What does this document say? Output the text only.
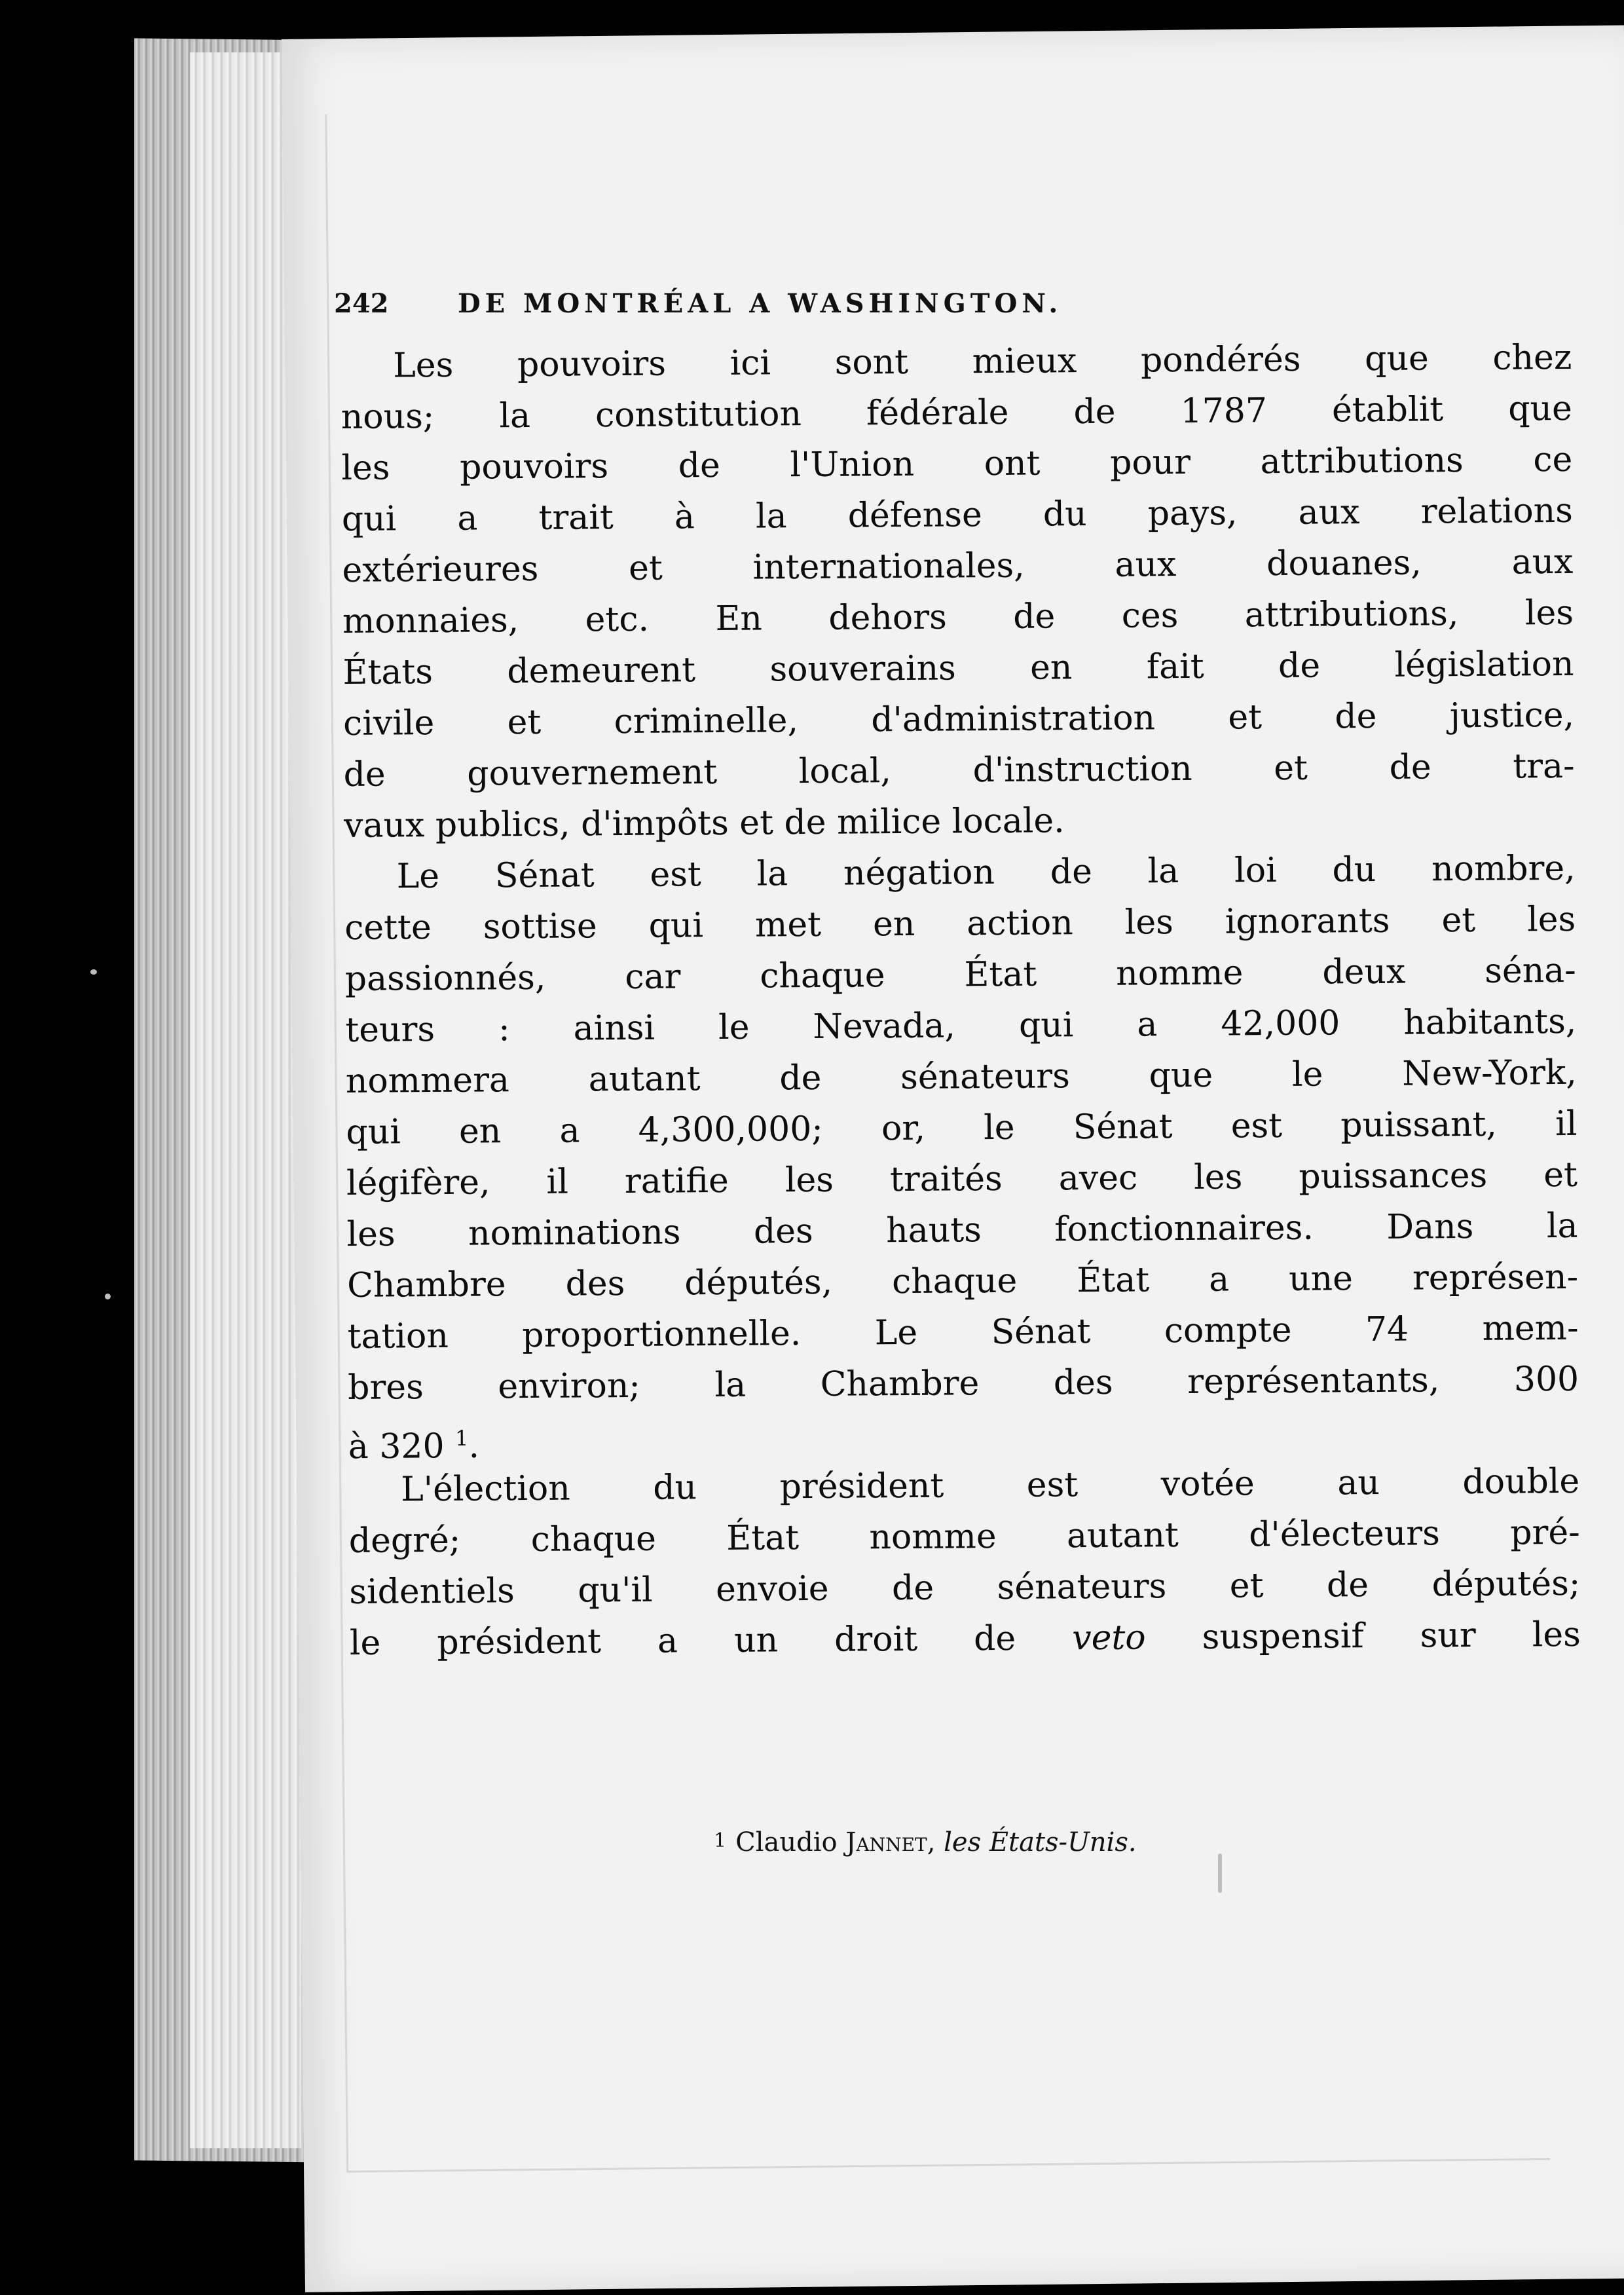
242	DE MONTRÉAL A WASHINGTON.
Les pouvoirs ici sont mieux pondérés que chez
nous; la constitution fédérale de 1787 établit que
les pouvoirs de l'Union ont pour attributions ce
qui a trait à la défense du pays, aux relations
extérieures et internationales, aux douanes, aux
monnaies, etc. En dehors de ces attributions, les
États demeurent souverains en fait de législation
civile et criminelle, d'administration et de justice,
de gouvernement local, d'instruction et de tra-
vaux publics, d'impôts et de milice locale.
Le Sénat est la négation de la loi du nombre,
cette sottise qui met en action les ignorants et les
passionnés, car chaque État nomme deux séna-
teurs : ainsi le Nevada, qui a 42,000 habitants,
nommera autant de sénateurs que le New-York,
qui en a 4,300,000; or, le Sénat est puissant, il
légifère, il ratifie les traités avec les puissances et
les nominations des hauts fonctionnaires. Dans la
Chambre des députés, chaque État a une représen-
tation proportionnelle. Le Sénat compte 74 mem-
bres environ; la Chambre des représentants, 300
à 320 $^1$.
L'élection du président est votée au double
degré; chaque État nomme autant d'électeurs pré-
sidentiels qu'il envoie de sénateurs et de députés;
le président a un droit de veto suspensif sur les
1 Claudio Jannet, les États-Unis.
